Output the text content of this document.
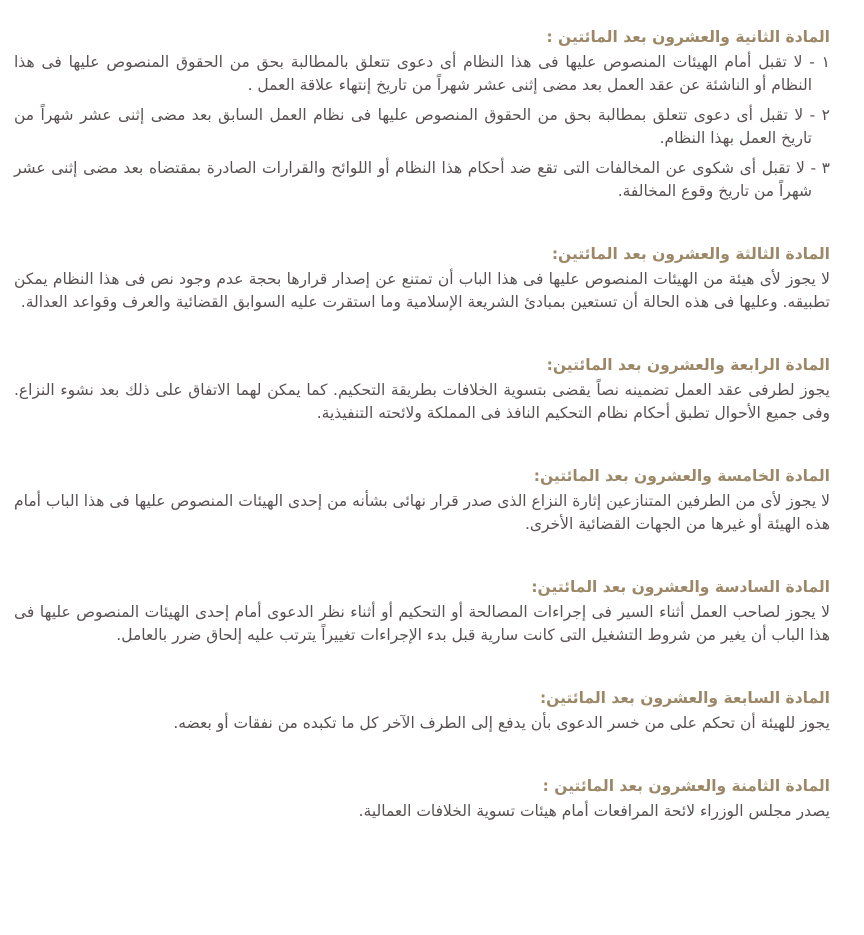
المادة الثانية والعشرون بعد المائتين :
١ - لا تقبل أمام الهيئات المنصوص عليها فى هذا النظام أى دعوى تتعلق بالمطالبة بحق من الحقوق المنصوص عليها فى هذا النظام أو الناشئة عن عقد العمل بعد مضى إثنى عشر شهراً من تاريخ إنتهاء علاقة العمل .
٢ - لا تقبل أى دعوى تتعلق بمطالبة بحق من الحقوق المنصوص عليها فى نظام العمل السابق بعد مضى إثنى عشر شهراً من تاريخ العمل بهذا النظام.
٣ - لا تقبل أى شكوى عن المخالفات التى تقع ضد أحكام هذا النظام أو اللوائح والقرارات الصادرة بمقتضاه بعد مضى إثنى عشر شهراً من تاريخ وقوع المخالفة.
المادة الثالثة والعشرون بعد المائتين:

لا يجوز لأى هيئة من الهيئات المنصوص عليها فى هذا الباب أن تمتنع عن إصدار قرارها بحجة عدم وجود نص فى هذا النظام يمكن تطبيقه. وعليها فى هذه الحالة أن تستعين بمبادئ الشريعة الإسلامية وما استقرت عليه السوابق القضائية والعرف وقواعد العدالة.

المادة الرابعة والعشرون بعد المائتين:

يجوز لطرفى عقد العمل تضمينه نصاً يقضى بتسوية الخلافات بطريقة التحكيم. كما يمكن لهما الاتفاق على ذلك بعد نشوء النزاع. وفى جميع الأحوال تطبق أحكام نظام التحكيم النافذ فى المملكة ولائحته التنفيذية.

المادة الخامسة والعشرون بعد المائتين:

لا يجوز لأى من الطرفين المتنازعين إثارة النزاع الذى صدر قرار نهائى بشأنه من إحدى الهيئات المنصوص عليها فى هذا الباب أمام هذه الهيئة أو غيرها من الجهات القضائية الأخرى.

المادة السادسة والعشرون بعد المائتين:

لا يجوز لصاحب العمل أثناء السير فى إجراءات المصالحة أو التحكيم أو أثناء نظر الدعوى أمام إحدى الهيئات المنصوص عليها فى هذا الباب أن يغير من شروط التشغيل التى كانت سارية قبل بدء الإجراءات تغييراً يترتب عليه إلحاق ضرر بالعامل.

المادة السابعة والعشرون بعد المائتين:

يجوز للهيئة أن تحكم على من خسر الدعوى بأن يدفع إلى الطرف الآخر كل ما تكبده من نفقات أو بعضه.

المادة الثامنة والعشرون بعد المائتين :

يصدر مجلس الوزراء لائحة المرافعات أمام هيئات تسوية الخلافات العمالية.
